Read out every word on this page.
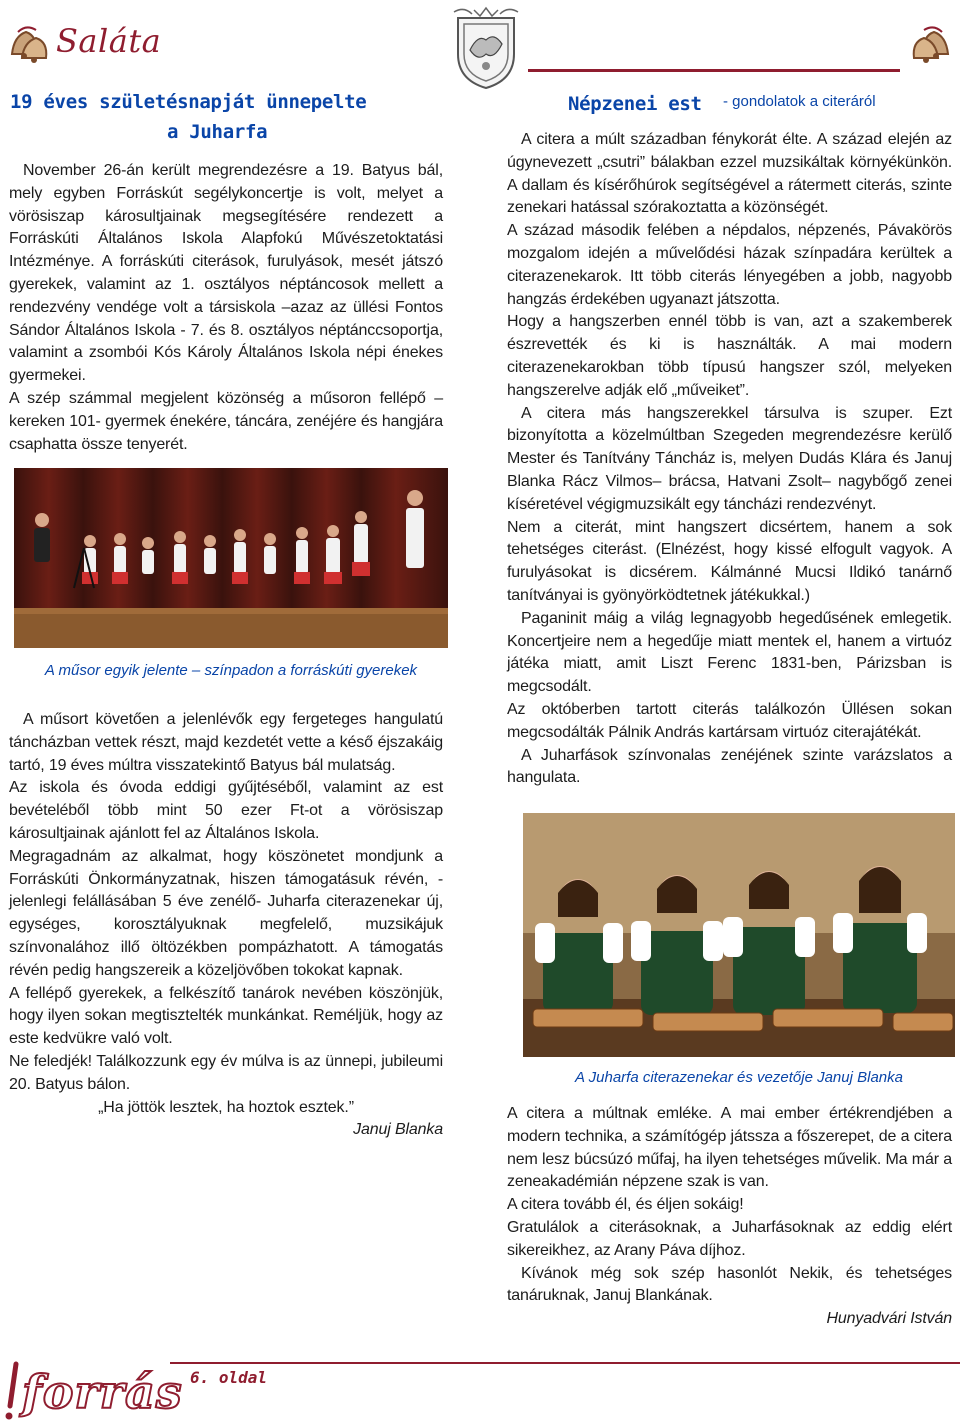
Saláta
19 éves születésnapját ünnepelte
a Juharfa

November 26-án került megrendezésre a 19. Batyus bál, mely egyben Forráskút segélykoncertje is volt, melyet a vörösiszap károsultjainak megsegítésére rendezett a Forráskúti Általános Iskola Alapfokú Művészetoktatási Intézménye. A forráskúti citerások, furulyások, mesét játszó gyerekek, valamint az 1. osztályos néptáncosok mellett a rendezvény vendége volt a társiskola –azaz az üllési Fontos Sándor Általános Iskola - 7. és 8. osztályos néptánccsoportja, valamint a zsombói Kós Károly Általános Iskola népi énekes gyermekei.

A szép számmal megjelent közönség a műsoron fellépő – kereken 101- gyermek énekére, táncára, zenéjére és hangjára csaphatta össze tenyerét.

A műsor egyik jelente – színpadon a forráskúti gyerekek

A műsort követően a jelenlévők egy fergeteges hangulatú táncházban vettek részt, majd kezdetét vette a késő éjszakáig tartó, 19 éves múltra visszatekintő Batyus bál mulatság.

Az iskola és óvoda eddigi gyűjtéséből, valamint az est bevételéből több mint 50 ezer Ft-ot a vörösiszap károsultjainak ajánlott fel az Általános Iskola.

Megragadnám az alkalmat, hogy köszönetet mondjunk a Forráskúti Önkormányzatnak, hiszen támogatásuk révén, - jelenlegi felállásában 5 éve zenélő- Juharfa citerazenekar új, egységes, korosztályuknak megfelelő, muzsikájuk színvonalához illő öltözékben pompázhatott. A támogatás révén pedig hangszereik a közeljövőben tokokat kapnak.

A fellépő gyerekek, a felkészítő tanárok nevében köszönjük, hogy ilyen sokan megtisztelték munkánkat. Reméljük, hogy az este kedvükre való volt.

Ne feledjék! Találkozzunk egy év múlva is az ünnepi, jubileumi 20. Batyus bálon.

„Ha jöttök lesztek, ha hoztok esztek.”

Januj Blanka

Népzenei est - gondolatok a citeráról

A citera a múlt században fénykorát élte. A század elején az úgynevezett „csutri” bálakban ezzel muzsikáltak környékünkön. A dallam és kísérőhúrok segítségével a rátermett citerás, szinte zenekari hatással szórakoztatta a közönségét.

A század második felében a népdalos, népzenés, Pávakörös mozgalom idején a művelődési házak színpadára kerültek a citerazenekarok. Itt több citerás lényegében a jobb, nagyobb hangzás érdekében ugyanazt játszotta.

Hogy a hangszerben ennél több is van, azt a szakemberek észrevették és ki is használták. A mai modern citerazenekarokban több típusú hangszer szól, melyeken hangszerelve adják elő „műveiket”.

A citera más hangszerekkel társulva is szuper. Ezt bizonyította a közelmúltban Szegeden megrendezésre kerülő Mester és Tanítvány Táncház is, melyen Dudás Klára és Januj Blanka Rácz Vilmos– brácsa, Hatvani Zsolt– nagybőgő zenei kíséretével végigmuzsikált egy táncházi rendezvényt.

Nem a citerát, mint hangszert dicsértem, hanem a sok tehetséges citerást. (Elnézést, hogy kissé elfogult vagyok. A furulyásokat is dicsérem. Kálmánné Mucsi Ildikó tanárnő tanítványai is gyönyörködtetnek játékukkal.)

Paganinit máig a világ legnagyobb hegedűsének emlegetik. Koncertjeire nem a hegedűje miatt mentek el, hanem a virtuóz játéka miatt, amit Liszt Ferenc 1831-ben, Párizsban is megcsodált.

Az októberben tartott citerás találkozón Üllésen sokan megcsodálták Pálnik András kartársam virtuóz citerajátékát.

A Juharfások színvonalas zenéjének szinte varázslatos a hangulata.

A Juharfa citerazenekar és vezetője Januj Blanka

A citera a múltnak emléke. A mai ember értékrendjében a modern technika, a számítógép játssza a főszerepet, de a citera nem lesz búcsúzó műfaj, ha ilyen tehetséges művelik. Ma már a zeneakadémián népzene szak is van.

A citera tovább él, és éljen sokáig!

Gratulálok a citerásoknak, a Juharfásoknak az eddig elért sikereikhez, az Arany Páva díjhoz.

Kívánok még sok szép hasonlót Nekik, és tehetséges tanáruknak, Januj Blankának.

Hunyadvári István

forrás 6. oldal
